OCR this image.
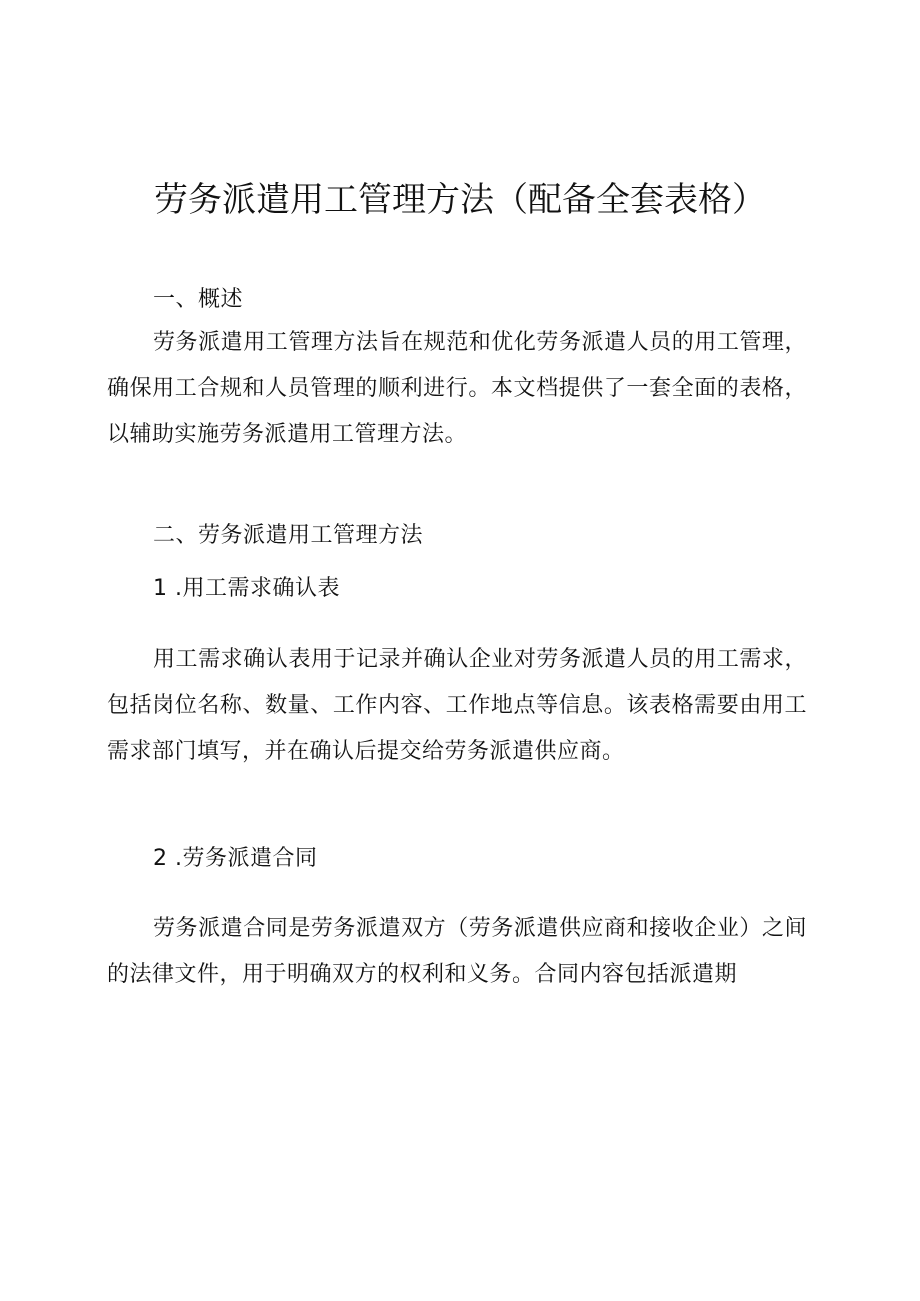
劳务派遣用工管理方法（配备全套表格）

一、概述

劳务派遣用工管理方法旨在规范和优化劳务派遣人员的用工管理，确保用工合规和人员管理的顺利进行。本文档提供了一套全面的表格，以辅助实施劳务派遣用工管理方法。

二、劳务派遣用工管理方法

1 .用工需求确认表

用工需求确认表用于记录并确认企业对劳务派遣人员的用工需求，包括岗位名称、数量、工作内容、工作地点等信息。该表格需要由用工需求部门填写，并在确认后提交给劳务派遣供应商。

2 .劳务派遣合同

劳务派遣合同是劳务派遣双方（劳务派遣供应商和接收企业）之间的法律文件，用于明确双方的权利和义务。合同内容包括派遣期
